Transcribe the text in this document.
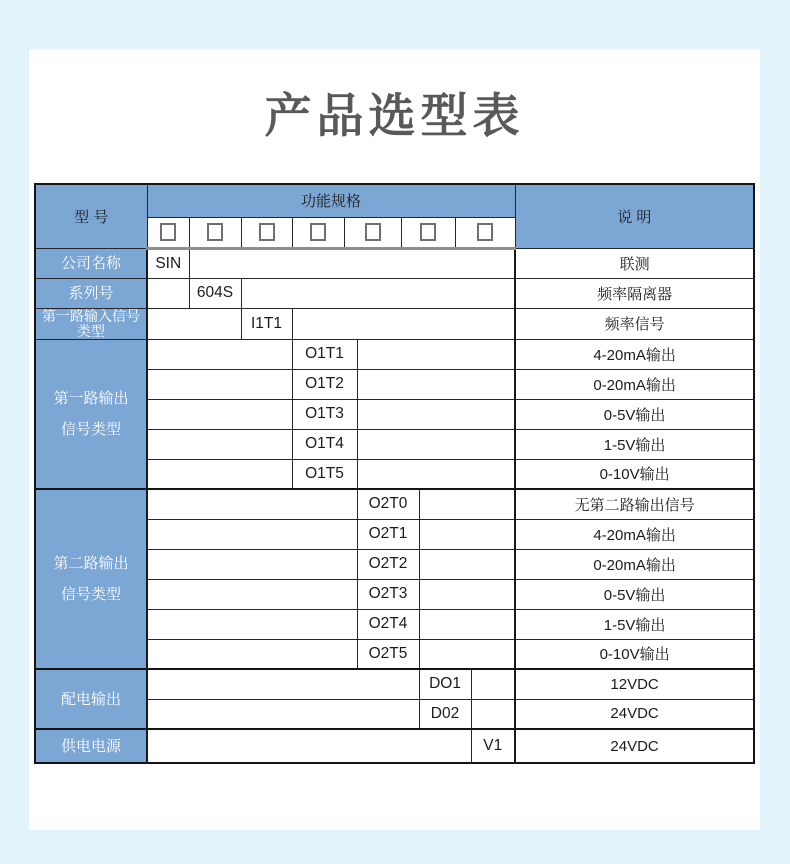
产品选型表
型 号	功能规格										说 明

公司名称	SIN										联测

系列号		604S									频率隔离器

第一路输入信号
类型			I1T1								频率信号

第一路输出
信号类型				O1T1							4-20mA输出
				O1T2							0-20mA输出
				O1T3							0-5V输出
				O1T4							1-5V输出
				O1T5							0-10V输出

第二路输出
信号类型						O2T0					无第二路输出信号
						O2T1					4-20mA输出
						O2T2					0-20mA输出
						O2T3					0-5V输出
						O2T4					1-5V输出
						O2T5					0-10V输出

配电输出								DO1			12VDC
								D02			24VDC

供电电源										V1	24VDC
